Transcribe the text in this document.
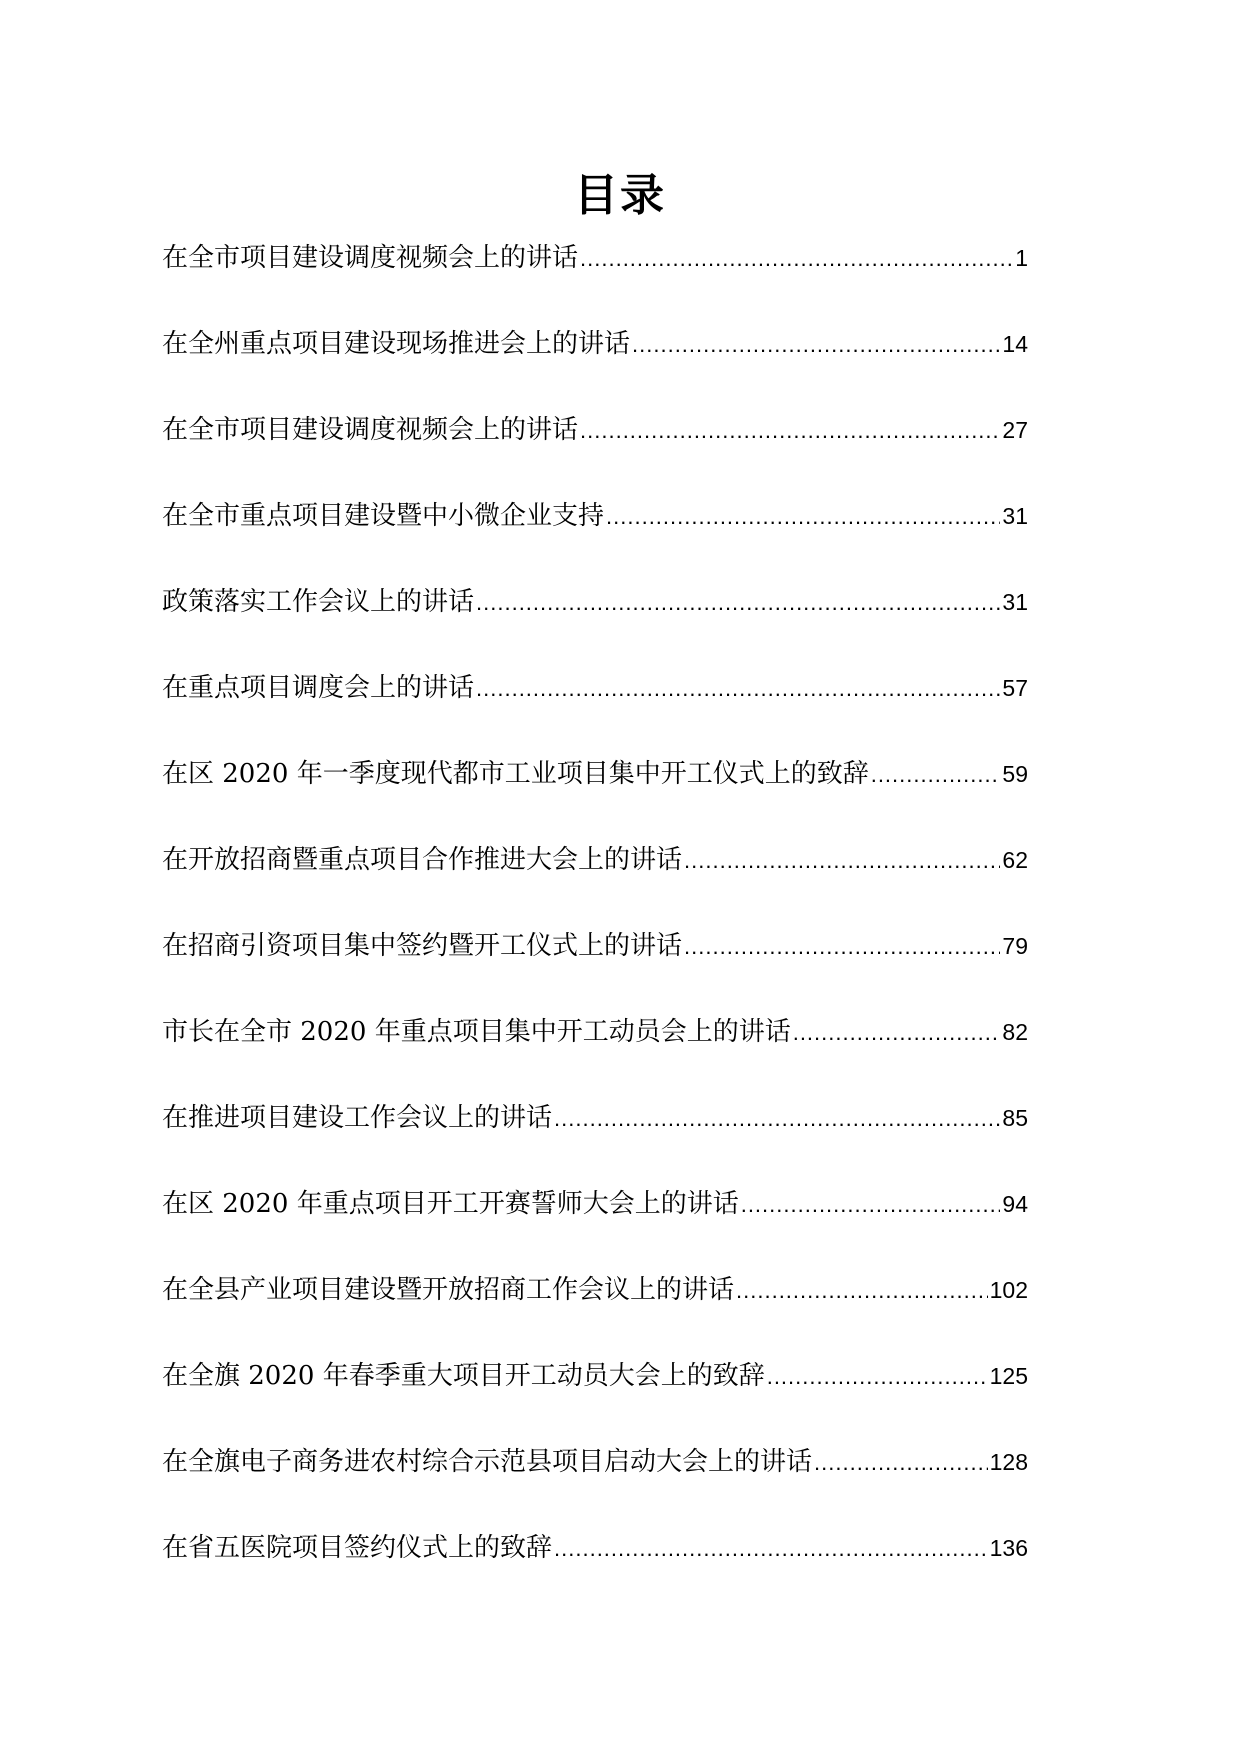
目录
在全市项目建设调度视频会上的讲话 .....	1
在全州重点项目建设现场推进会上的讲话 .....	14
在全市项目建设调度视频会上的讲话 .....	27
在全市重点项目建设暨中小微企业支持 .....	31
政策落实工作会议上的讲话 .....	31
在重点项目调度会上的讲话 .....	57
在区 2020 年一季度现代都市工业项目集中开工仪式上的致辞 .....	59
在开放招商暨重点项目合作推进大会上的讲话 .....	62
在招商引资项目集中签约暨开工仪式上的讲话 .....	79
市长在全市 2020 年重点项目集中开工动员会上的讲话 .....	82
在推进项目建设工作会议上的讲话 .....	85
在区 2020 年重点项目开工开赛誓师大会上的讲话 .....	94
在全县产业项目建设暨开放招商工作会议上的讲话 .....	102
在全旗 2020 年春季重大项目开工动员大会上的致辞 .....	125
在全旗电子商务进农村综合示范县项目启动大会上的讲话 .....	128
在省五医院项目签约仪式上的致辞 .....	136
